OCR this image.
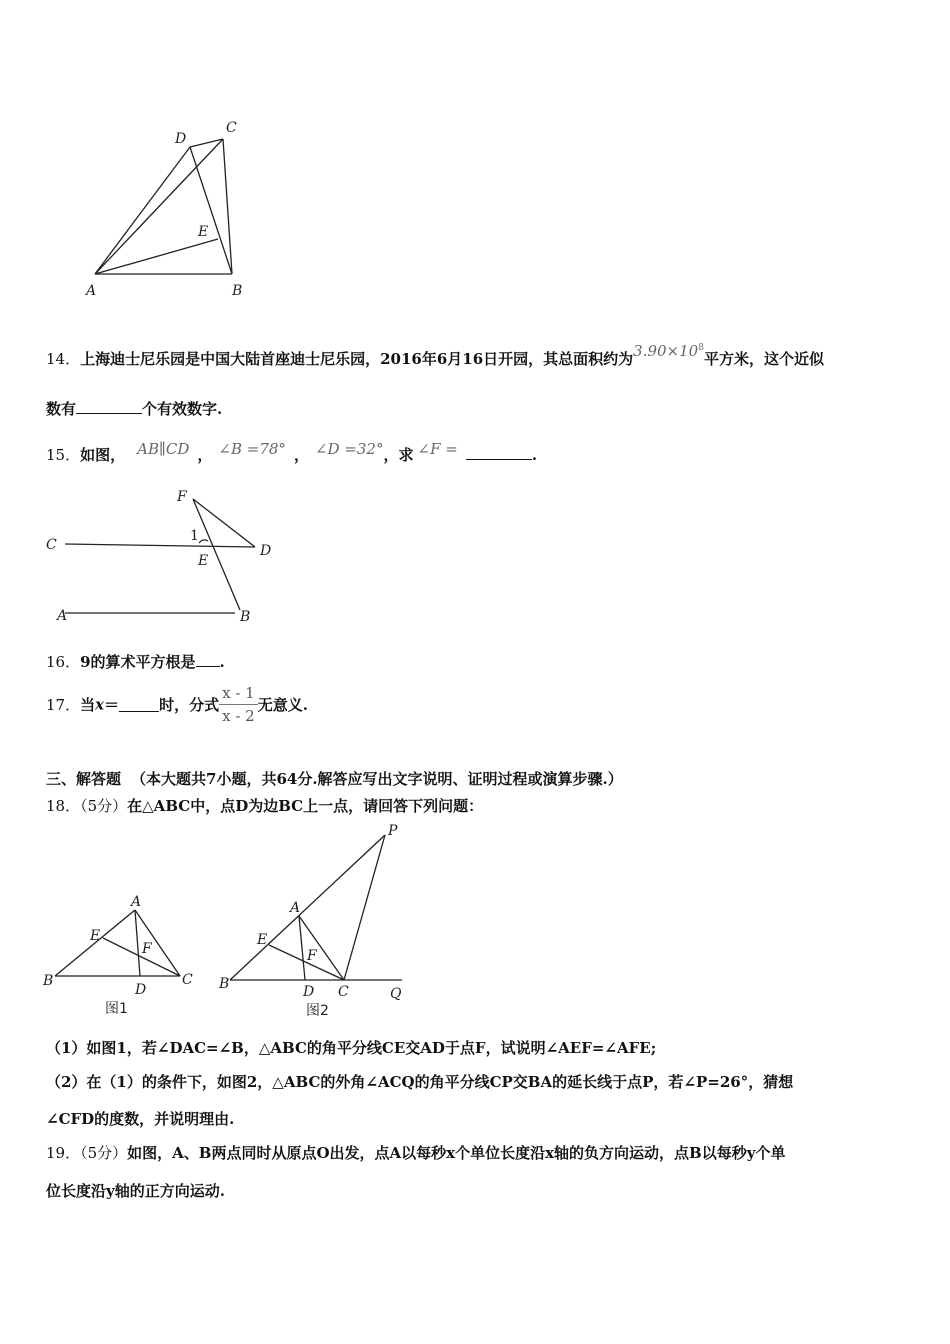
A	B
C
D
E
14．上海迪士尼乐园是中国大陆首座迪士尼乐园，2016年6月16日开园，其总面积约为$3.90\times 10^8$平方米，这个近似
数有	个有效数字.
15．如图， AB∥CD ， ∠B =78° ， ∠D =32°，求 ∠F =	.
F
C	D
E
1
A	B
16．9的算术平方根是 .
17．当x＝	时，分式 $\frac{x - 1}{x - 2}$ 无意义.
三、解答题 （本大题共7小题，共64分.解答应写出文字说明、证明过程或演算步骤.）
18．（5分）在△ABC中，点D为边BC上一点，请回答下列问题：
A
B	C
D
E
F
图1
P
A
E
F
B	D C	Q
图2
（1）如图1，若∠DAC=∠B，△ABC的角平分线CE交AD于点F，试说明∠AEF=∠AFE;
（2）在（1）的条件下，如图2，△ABC的外角∠ACQ的角平分线CP交BA的延长线于点P，若∠P=26°，猜想
∠CFD的度数，并说明理由.
19．（5分）如图，A、B两点同时从原点O出发，点A以每秒x个单位长度沿x轴的负方向运动，点B以每秒y个单
位长度沿y轴的正方向运动.
